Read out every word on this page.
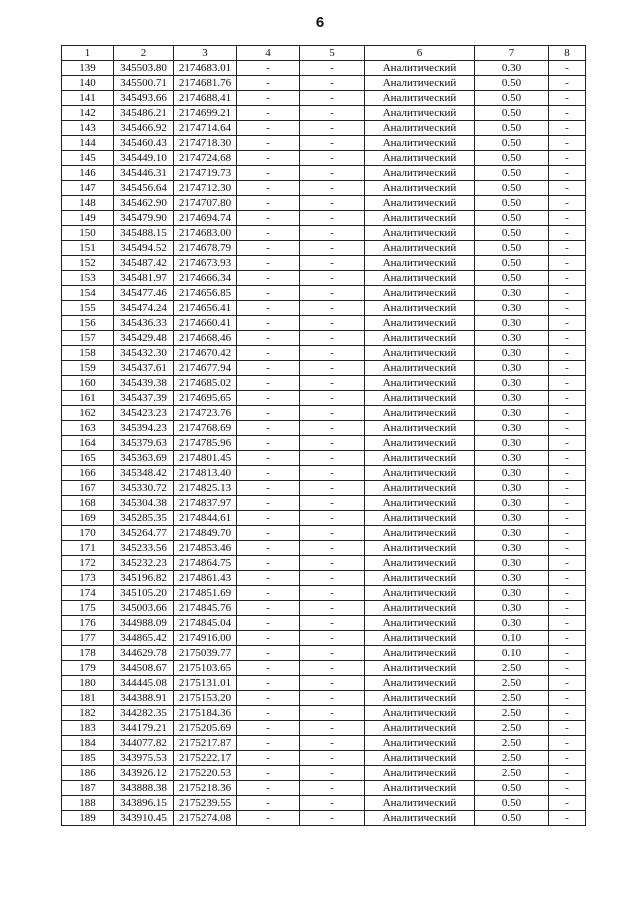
6
1	2	3	4	5	6	7	8
139	345503.80	2174683.01	-	-	Аналитический	0.30	-
140	345500.71	2174681.76	-	-	Аналитический	0.50	-
141	345493.66	2174688.41	-	-	Аналитический	0.50	-
142	345486.21	2174699.21	-	-	Аналитический	0.50	-
143	345466.92	2174714.64	-	-	Аналитический	0.50	-
144	345460.43	2174718.30	-	-	Аналитический	0.50	-
145	345449.10	2174724.68	-	-	Аналитический	0.50	-
146	345446.31	2174719.73	-	-	Аналитический	0.50	-
147	345456.64	2174712.30	-	-	Аналитический	0.50	-
148	345462.90	2174707.80	-	-	Аналитический	0.50	-
149	345479.90	2174694.74	-	-	Аналитический	0.50	-
150	345488.15	2174683.00	-	-	Аналитический	0.50	-
151	345494.52	2174678.79	-	-	Аналитический	0.50	-
152	345487.42	2174673.93	-	-	Аналитический	0.50	-
153	345481.97	2174666.34	-	-	Аналитический	0.50	-
154	345477.46	2174656.85	-	-	Аналитический	0.30	-
155	345474.24	2174656.41	-	-	Аналитический	0.30	-
156	345436.33	2174660.41	-	-	Аналитический	0.30	-
157	345429.48	2174668.46	-	-	Аналитический	0.30	-
158	345432.30	2174670.42	-	-	Аналитический	0.30	-
159	345437.61	2174677.94	-	-	Аналитический	0.30	-
160	345439.38	2174685.02	-	-	Аналитический	0.30	-
161	345437.39	2174695.65	-	-	Аналитический	0.30	-
162	345423.23	2174723.76	-	-	Аналитический	0.30	-
163	345394.23	2174768.69	-	-	Аналитический	0.30	-
164	345379.63	2174785.96	-	-	Аналитический	0.30	-
165	345363.69	2174801.45	-	-	Аналитический	0.30	-
166	345348.42	2174813.40	-	-	Аналитический	0.30	-
167	345330.72	2174825.13	-	-	Аналитический	0.30	-
168	345304.38	2174837.97	-	-	Аналитический	0.30	-
169	345285.35	2174844.61	-	-	Аналитический	0.30	-
170	345264.77	2174849.70	-	-	Аналитический	0.30	-
171	345233.56	2174853.46	-	-	Аналитический	0.30	-
172	345232.23	2174864.75	-	-	Аналитический	0.30	-
173	345196.82	2174861.43	-	-	Аналитический	0.30	-
174	345105.20	2174851.69	-	-	Аналитический	0.30	-
175	345003.66	2174845.76	-	-	Аналитический	0.30	-
176	344988.09	2174845.04	-	-	Аналитический	0.30	-
177	344865.42	2174916.00	-	-	Аналитический	0.10	-
178	344629.78	2175039.77	-	-	Аналитический	0.10	-
179	344508.67	2175103.65	-	-	Аналитический	2.50	-
180	344445.08	2175131.01	-	-	Аналитический	2.50	-
181	344388.91	2175153.20	-	-	Аналитический	2.50	-
182	344282.35	2175184.36	-	-	Аналитический	2.50	-
183	344179.21	2175205.69	-	-	Аналитический	2.50	-
184	344077.82	2175217.87	-	-	Аналитический	2.50	-
185	343975.53	2175222.17	-	-	Аналитический	2.50	-
186	343926.12	2175220.53	-	-	Аналитический	2.50	-
187	343888.38	2175218.36	-	-	Аналитический	0.50	-
188	343896.15	2175239.55	-	-	Аналитический	0.50	-
189	343910.45	2175274.08	-	-	Аналитический	0.50	-
